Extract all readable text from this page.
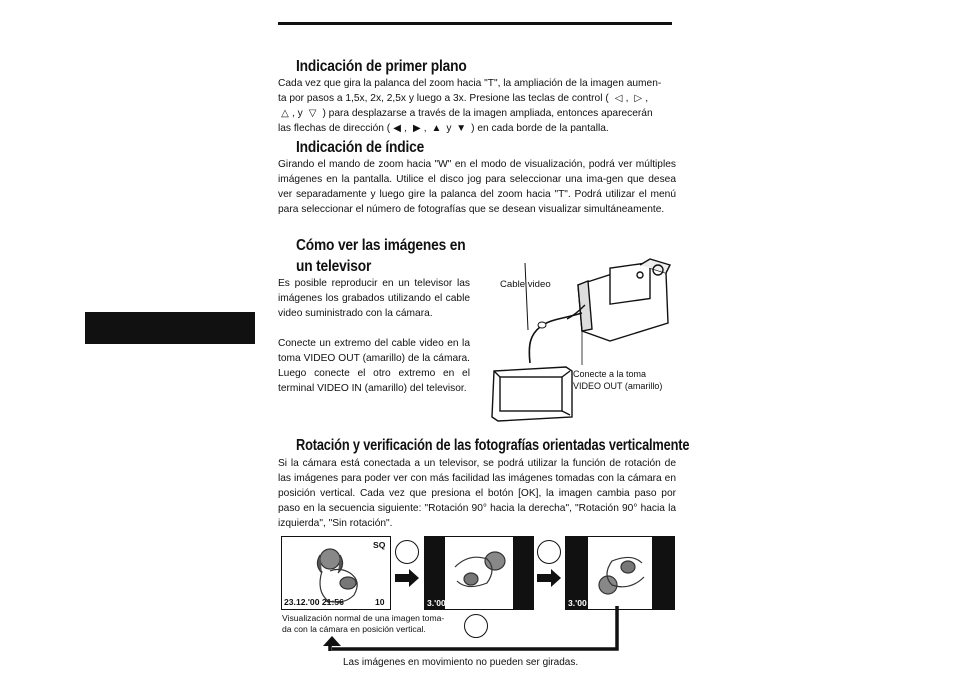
Indicación de primer plano
Cada vez que gira la palanca del zoom hacia "T", la ampliación de la imagen aumen-
ta por pasos a 1,5x, 2x, 2,5x y luego a 3x. Presione las teclas de control ( ◁ , ▷ ,
△ , y ▽ ) para desplazarse a través de la imagen ampliada, entonces aparecerán
las flechas de dirección ( ◀ , ▶ , ▲ y ▼ ) en cada borde de la pantalla.
Indicación de índice

Girando el mando de zoom hacia "W" en el modo de visualización, podrá ver múltiples imágenes en la pantalla. Utilice el disco jog para seleccionar una ima-gen que desea ver separadamente y luego gire la palanca del zoom hacia "T". Podrá utilizar el menú para seleccionar el número de fotografías que se desean visualizar simultáneamente.

Cómo ver las imágenes en
un televisor

Es posible reproducir en un televisor las imágenes los grabados utilizando el cable video suministrado con la cámara.

Conecte un extremo del cable video en la toma VIDEO OUT (amarillo) de la cámara. Luego conecte el otro extremo en el terminal VIDEO IN (amarillo) del televisor.

Cable video
Conecte a la toma
VIDEO OUT (amarillo)
Rotación y verificación de las fotografías orientadas verticalmente

Si la cámara está conectada a un televisor, se podrá utilizar la función de rotación de las imágenes para poder ver con más facilidad las imágenes tomadas con la cámara en posición vertical. Cada vez que presiona el botón [OK], la imagen cambia paso por paso en la secuencia siguiente: "Rotación 90° hacia la derecha", "Rotación 90° hacia la izquierda", "Sin rotación".

SQ
23.12.'00 21:56	10	3.'00 21:56	3.'00 21:56
Visualización normal de una imagen toma-
da con la cámara en posición vertical.
Las imágenes en movimiento no pueden ser giradas.
